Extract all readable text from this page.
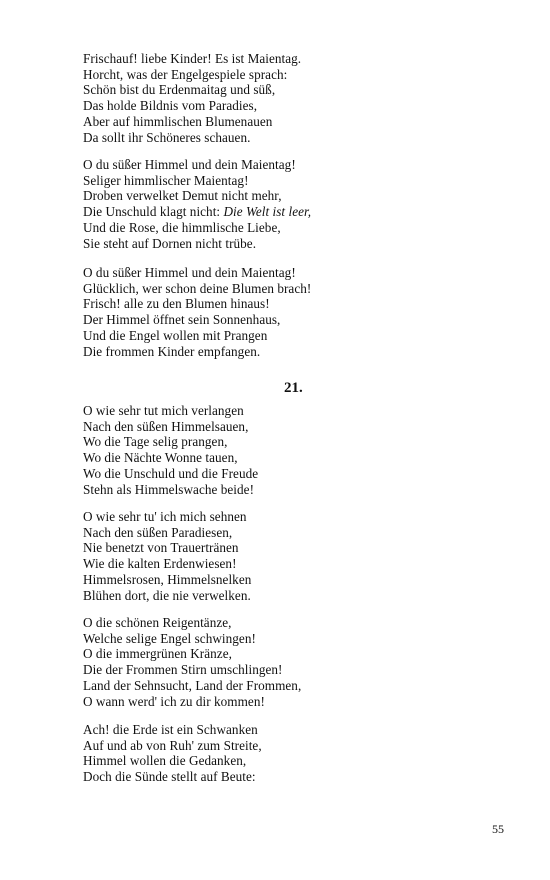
Frischauf! liebe Kinder! Es ist Maientag.
Horcht, was der Engelgespiele sprach:
Schön bist du Erdenmaitag und süß,
Das holde Bildnis vom Paradies,
Aber auf himmlischen Blumenauen
Da sollt ihr Schöneres schauen.
O du süßer Himmel und dein Maientag!
Seliger himmlischer Maientag!
Droben verwelket Demut nicht mehr,
Die Unschuld klagt nicht: Die Welt ist leer,
Und die Rose, die himmlische Liebe,
Sie steht auf Dornen nicht trübe.
O du süßer Himmel und dein Maientag!
Glücklich, wer schon deine Blumen brach!
Frisch! alle zu den Blumen hinaus!
Der Himmel öffnet sein Sonnenhaus,
Und die Engel wollen mit Prangen
Die frommen Kinder empfangen.
21.
O wie sehr tut mich verlangen
Nach den süßen Himmelsauen,
Wo die Tage selig prangen,
Wo die Nächte Wonne tauen,
Wo die Unschuld und die Freude
Stehn als Himmelswache beide!
O wie sehr tu' ich mich sehnen
Nach den süßen Paradiesen,
Nie benetzt von Trauertränen
Wie die kalten Erdenwiesen!
Himmelsrosen, Himmelsnelken
Blühen dort, die nie verwelken.
O die schönen Reigentänze,
Welche selige Engel schwingen!
O die immergrünen Kränze,
Die der Frommen Stirn umschlingen!
Land der Sehnsucht, Land der Frommen,
O wann werd' ich zu dir kommen!
Ach! die Erde ist ein Schwanken
Auf und ab von Ruh' zum Streite,
Himmel wollen die Gedanken,
Doch die Sünde stellt auf Beute:
55
